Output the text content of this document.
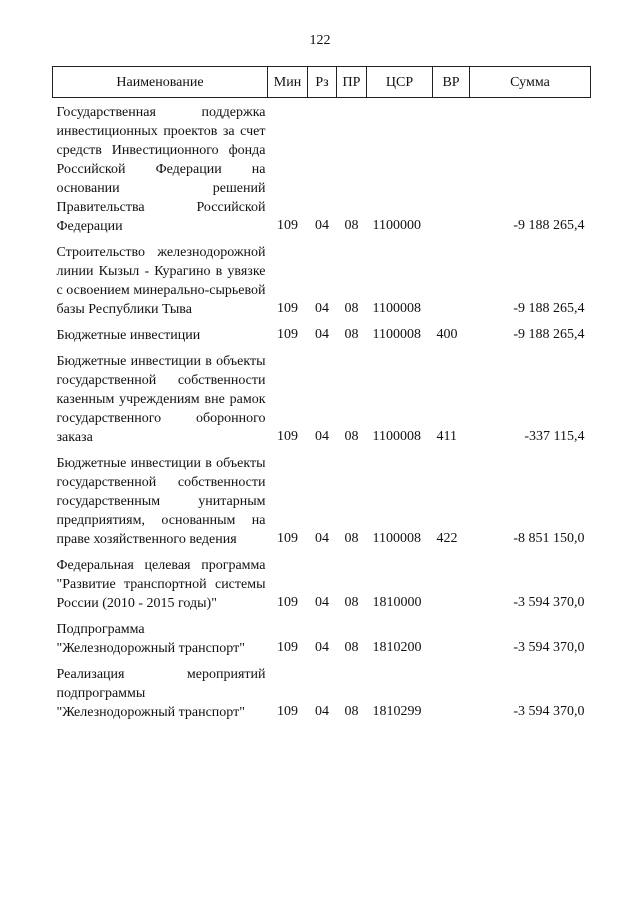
122
Наименование	Мин	Рз	ПР	ЦСР	ВР	Сумма

Государственная поддержка инвестиционных проектов за счет средств Инвестиционного фонда Российской Федерации на основании решений Правительства Российской Федерации	109	04	08	1100000		-9 188 265,4

Строительство железнодорожной линии Кызыл - Курагино в увязке с освоением минерально-сырьевой базы Республики Тыва	109	04	08	1100008		-9 188 265,4

Бюджетные инвестиции	109	04	08	1100008	400	-9 188 265,4

Бюджетные инвестиции в объекты государственной собственности казенным учреждениям вне рамок государственного оборонного заказа	109	04	08	1100008	411	-337 115,4

Бюджетные инвестиции в объекты государственной собственности государственным унитарным предприятиям, основанным на праве хозяйственного ведения	109	04	08	1100008	422	-8 851 150,0

Федеральная целевая программа "Развитие транспортной системы России (2010 - 2015 годы)"	109	04	08	1810000		-3 594 370,0

Подпрограмма "Железнодорожный транспорт"	109	04	08	1810200		-3 594 370,0

Реализация мероприятий подпрограммы "Железнодорожный транспорт"	109	04	08	1810299		-3 594 370,0
